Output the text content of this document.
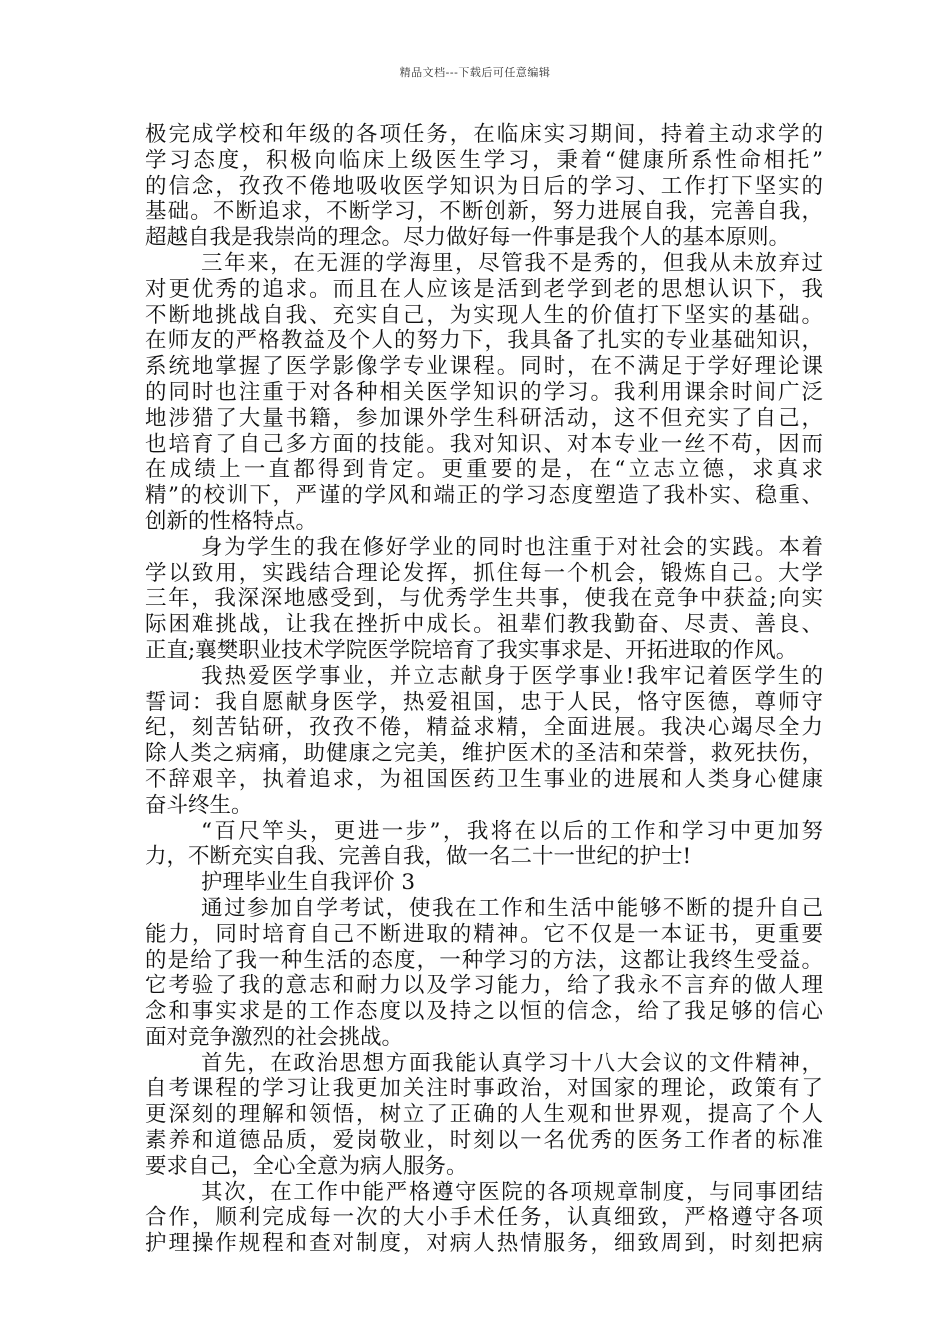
精品文档---下载后可任意编辑
极完成学校和年级的各项任务，在临床实习期间，持着主动求学的
学习态度，积极向临床上级医生学习，秉着“健康所系性命相托”
的信念，孜孜不倦地吸收医学知识为日后的学习、工作打下坚实的
基础。不断追求，不断学习，不断创新，努力进展自我，完善自我，
超越自我是我崇尚的理念。尽力做好每一件事是我个人的基本原则。
三年来，在无涯的学海里，尽管我不是秀的，但我从未放弃过
对更优秀的追求。而且在人应该是活到老学到老的思想认识下，我
不断地挑战自我、充实自己，为实现人生的价值打下坚实的基础。
在师友的严格教益及个人的努力下，我具备了扎实的专业基础知识，
系统地掌握了医学影像学专业课程。同时，在不满足于学好理论课
的同时也注重于对各种相关医学知识的学习。我利用课余时间广泛
地涉猎了大量书籍，参加课外学生科研活动，这不但充实了自己，
也培育了自己多方面的技能。我对知识、对本专业一丝不苟，因而
在成绩上一直都得到肯定。更重要的是，在“立志立德，求真求
精”的校训下，严谨的学风和端正的学习态度塑造了我朴实、稳重、
创新的性格特点。
身为学生的我在修好学业的同时也注重于对社会的实践。本着
学以致用，实践结合理论发挥，抓住每一个机会，锻炼自己。大学
三年，我深深地感受到，与优秀学生共事，使我在竞争中获益;向实
际困难挑战，让我在挫折中成长。祖辈们教我勤奋、尽责、善良、
正直;襄樊职业技术学院医学院培育了我实事求是、开拓进取的作风。
我热爱医学事业，并立志献身于医学事业!我牢记着医学生的
誓词：我自愿献身医学，热爱祖国，忠于人民，恪守医德，尊师守
纪，刻苦钻研，孜孜不倦，精益求精，全面进展。我决心竭尽全力
除人类之病痛，助健康之完美，维护医术的圣洁和荣誉，救死扶伤，
不辞艰辛，执着追求，为祖国医药卫生事业的进展和人类身心健康
奋斗终生。
“百尺竿头，更进一步”，我将在以后的工作和学习中更加努
力，不断充实自我、完善自我，做一名二十一世纪的护士!
护理毕业生自我评价 3
通过参加自学考试，使我在工作和生活中能够不断的提升自己
能力，同时培育自己不断进取的精神。它不仅是一本证书，更重要
的是给了我一种生活的态度，一种学习的方法，这都让我终生受益。
它考验了我的意志和耐力以及学习能力，给了我永不言弃的做人理
念和事实求是的工作态度以及持之以恒的信念，给了我足够的信心
面对竞争激烈的社会挑战。
首先，在政治思想方面我能认真学习十八大会议的文件精神，
自考课程的学习让我更加关注时事政治，对国家的理论，政策有了
更深刻的理解和领悟，树立了正确的人生观和世界观，提高了个人
素养和道德品质，爱岗敬业，时刻以一名优秀的医务工作者的标准
要求自己，全心全意为病人服务。
其次，在工作中能严格遵守医院的各项规章制度，与同事团结
合作，顺利完成每一次的大小手术任务，认真细致，严格遵守各项
护理操作规程和查对制度，对病人热情服务，细致周到，时刻把病
